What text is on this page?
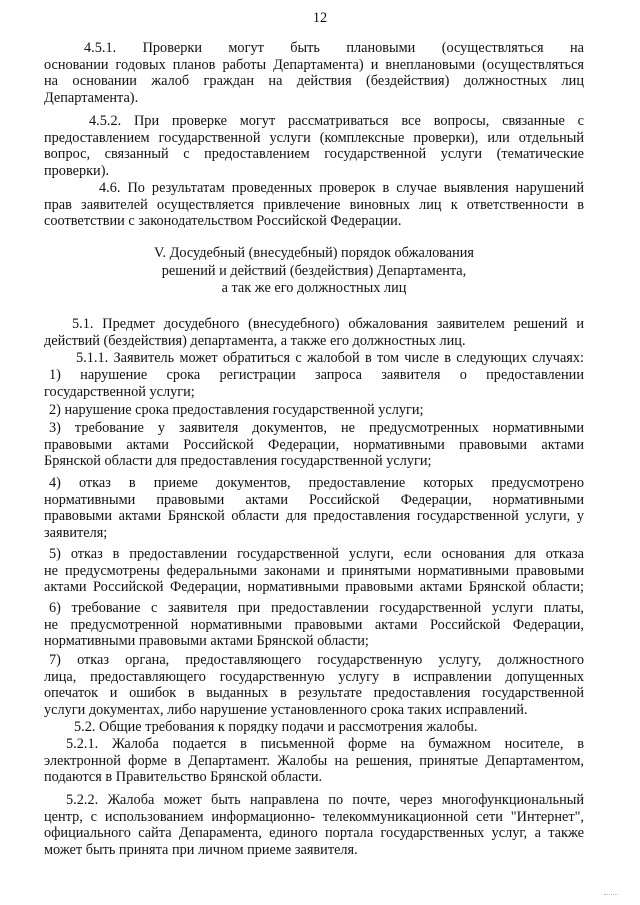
12
4.5.1. Проверки могут быть плановыми (осуществляться на
основании годовых планов работы Департамента) и внеплановыми (осуществляться
на основании жалоб граждан на действия (бездействия) должностных лиц
Департамента).
4.5.2. При проверке могут рассматриваться все вопросы, связанные с
предоставлением государственной услуги (комплексные проверки), или отдельный
вопрос, связанный с предоставлением государственной услуги (тематические
проверки).
4.6. По результатам проведенных проверок в случае выявления нарушений
прав заявителей осуществляется привлечение виновных лиц к ответственности в
соответствии с законодательством Российской Федерации.
V. Досудебный (внесудебный) порядок обжалования
решений и действий (бездействия) Департамента,
а так же его должностных лиц
5.1. Предмет досудебного (внесудебного) обжалования заявителем решений и
действий (бездействия) департамента, а также его должностных лиц.
5.1.1. Заявитель может обратиться с жалобой в том числе в следующих случаях:
1) нарушение срока регистрации запроса заявителя о предоставлении
государственной услуги;
2) нарушение срока предоставления государственной услуги;
3) требование у заявителя документов, не предусмотренных нормативными
правовыми актами Российской Федерации, нормативными правовыми актами
Брянской области для предоставления государственной услуги;
4) отказ в приеме документов, предоставление которых предусмотрено
нормативными правовыми актами Российской Федерации, нормативными
правовыми актами Брянской области для предоставления государственной услуги, у
заявителя;
5) отказ в предоставлении государственной услуги, если основания для отказа
не предусмотрены федеральными законами и принятыми нормативными правовыми
актами Российской Федерации, нормативными правовыми актами Брянской области;
6) требование с заявителя при предоставлении государственной услуги платы,
не предусмотренной нормативными правовыми актами Российской Федерации,
нормативными правовыми актами Брянской области;
7) отказ органа, предоставляющего государственную услугу, должностного
лица, предоставляющего государственную услугу в исправлении допущенных
опечаток и ошибок в выданных в результате предоставления государственной
услуги документах, либо нарушение установленного срока таких исправлений.
5.2. Общие требования к порядку подачи и рассмотрения жалобы.
5.2.1. Жалоба подается в письменной форме на бумажном носителе, в
электронной форме в Департамент. Жалобы на решения, принятые Департаментом,
подаются в Правительство Брянской области.
5.2.2. Жалоба может быть направлена по почте, через многофункциональный
центр, с использованием информационно- телекоммуникационной сети "Интернет",
официального сайта Депараментa, единого портала государственных услуг, а также
может быть принята при личном приеме заявителя.
